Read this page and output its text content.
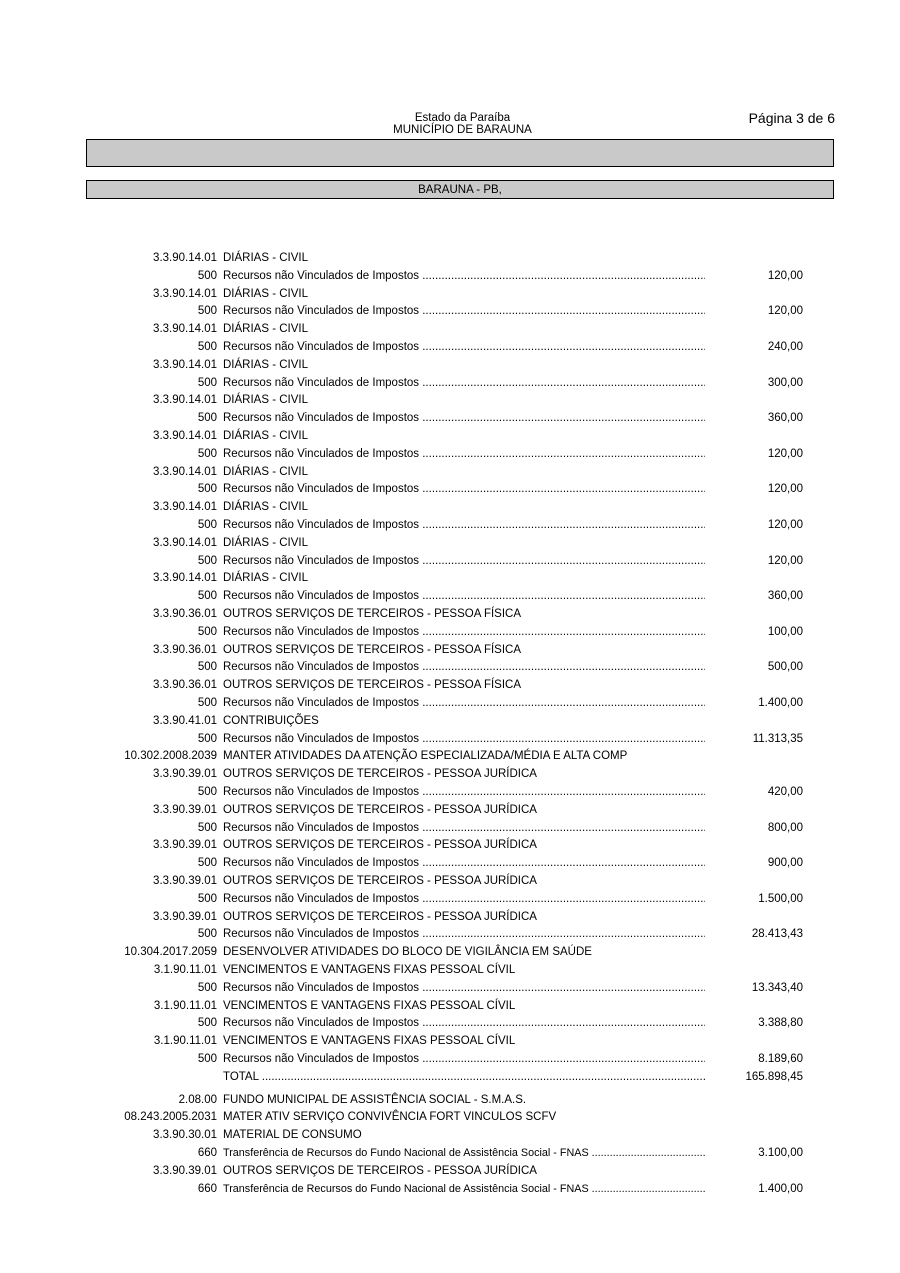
Estado da Paraíba
MUNICÍPIO DE BARAUNA
Página 3 de 6
BARAUNA - PB,
3.3.90.14.01 DIÁRIAS - CIVIL
500 Recursos não Vinculados de Impostos .....	120,00
3.3.90.14.01 DIÁRIAS - CIVIL
500 Recursos não Vinculados de Impostos .....	120,00
3.3.90.14.01 DIÁRIAS - CIVIL
500 Recursos não Vinculados de Impostos .....	240,00
3.3.90.14.01 DIÁRIAS - CIVIL
500 Recursos não Vinculados de Impostos .....	300,00
3.3.90.14.01 DIÁRIAS - CIVIL
500 Recursos não Vinculados de Impostos .....	360,00
3.3.90.14.01 DIÁRIAS - CIVIL
500 Recursos não Vinculados de Impostos .....	120,00
3.3.90.14.01 DIÁRIAS - CIVIL
500 Recursos não Vinculados de Impostos .....	120,00
3.3.90.14.01 DIÁRIAS - CIVIL
500 Recursos não Vinculados de Impostos .....	120,00
3.3.90.14.01 DIÁRIAS - CIVIL
500 Recursos não Vinculados de Impostos .....	120,00
3.3.90.14.01 DIÁRIAS - CIVIL
500 Recursos não Vinculados de Impostos .....	360,00
3.3.90.36.01 OUTROS SERVIÇOS DE TERCEIROS - PESSOA FÍSICA
500 Recursos não Vinculados de Impostos .....	100,00
3.3.90.36.01 OUTROS SERVIÇOS DE TERCEIROS - PESSOA FÍSICA
500 Recursos não Vinculados de Impostos .....	500,00
3.3.90.36.01 OUTROS SERVIÇOS DE TERCEIROS - PESSOA FÍSICA
500 Recursos não Vinculados de Impostos .....	1.400,00
3.3.90.41.01 CONTRIBUIÇÕES
500 Recursos não Vinculados de Impostos .....	11.313,35
10.302.2008.2039 MANTER ATIVIDADES DA ATENÇÃO ESPECIALIZADA/MÉDIA E ALTA COMP
3.3.90.39.01 OUTROS SERVIÇOS DE TERCEIROS - PESSOA JURÍDICA
500 Recursos não Vinculados de Impostos .....	420,00
3.3.90.39.01 OUTROS SERVIÇOS DE TERCEIROS - PESSOA JURÍDICA
500 Recursos não Vinculados de Impostos .....	800,00
3.3.90.39.01 OUTROS SERVIÇOS DE TERCEIROS - PESSOA JURÍDICA
500 Recursos não Vinculados de Impostos .....	900,00
3.3.90.39.01 OUTROS SERVIÇOS DE TERCEIROS - PESSOA JURÍDICA
500 Recursos não Vinculados de Impostos .....	1.500,00
3.3.90.39.01 OUTROS SERVIÇOS DE TERCEIROS - PESSOA JURÍDICA
500 Recursos não Vinculados de Impostos .....	28.413,43
10.304.2017.2059 DESENVOLVER ATIVIDADES DO BLOCO DE VIGILÂNCIA EM SAÚDE
3.1.90.11.01 VENCIMENTOS E VANTAGENS FIXAS PESSOAL CÍVIL
500 Recursos não Vinculados de Impostos .....	13.343,40
3.1.90.11.01 VENCIMENTOS E VANTAGENS FIXAS PESSOAL CÍVIL
500 Recursos não Vinculados de Impostos .....	3.388,80
3.1.90.11.01 VENCIMENTOS E VANTAGENS FIXAS PESSOAL CÍVIL
500 Recursos não Vinculados de Impostos .....	8.189,60
TOTAL .....	165.898,45
2.08.00 FUNDO MUNICIPAL DE ASSISTÊNCIA SOCIAL - S.M.A.S.
08.243.2005.2031 MATER ATIV SERVIÇO CONVIVÊNCIA FORT VINCULOS SCFV
3.3.90.30.01 MATERIAL DE CONSUMO
660 Transferência de Recursos do Fundo Nacional de Assistência Social - FNAS .....	3.100,00
3.3.90.39.01 OUTROS SERVIÇOS DE TERCEIROS - PESSOA JURÍDICA
660 Transferência de Recursos do Fundo Nacional de Assistência Social - FNAS .....	1.400,00
